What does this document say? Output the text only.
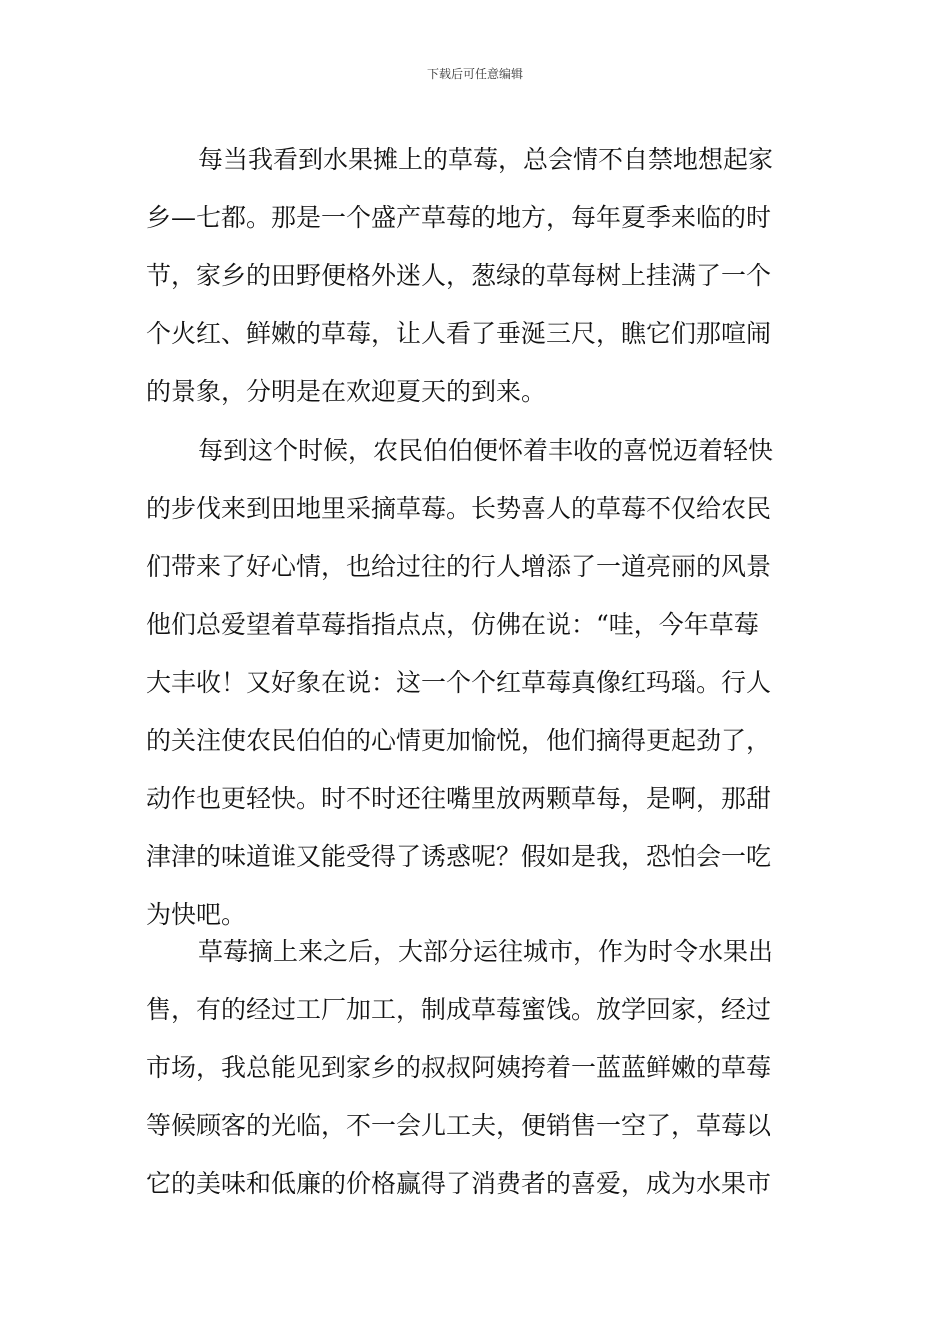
下载后可任意编辑
每当我看到水果摊上的草莓，总会情不自禁地想起家
乡—七都。那是一个盛产草莓的地方，每年夏季来临的时
节，家乡的田野便格外迷人，葱绿的草每树上挂满了一个
个火红、鲜嫩的草莓，让人看了垂涎三尺，瞧它们那喧闹
的景象，分明是在欢迎夏天的到来。
每到这个时候，农民伯伯便怀着丰收的喜悦迈着轻快
的步伐来到田地里采摘草莓。长势喜人的草莓不仅给农民
们带来了好心情，也给过往的行人增添了一道亮丽的风景
他们总爱望着草莓指指点点，仿佛在说：“哇，今年草莓
大丰收！又好象在说：这一个个红草莓真像红玛瑙。行人
的关注使农民伯伯的心情更加愉悦，他们摘得更起劲了，
动作也更轻快。时不时还往嘴里放两颗草每，是啊，那甜
津津的味道谁又能受得了诱惑呢？假如是我，恐怕会一吃
为快吧。
草莓摘上来之后，大部分运往城市，作为时令水果出
售，有的经过工厂加工，制成草莓蜜饯。放学回家，经过
市场，我总能见到家乡的叔叔阿姨挎着一蓝蓝鲜嫩的草莓
等候顾客的光临，不一会儿工夫，便销售一空了，草莓以
它的美味和低廉的价格赢得了消费者的喜爱，成为水果市
